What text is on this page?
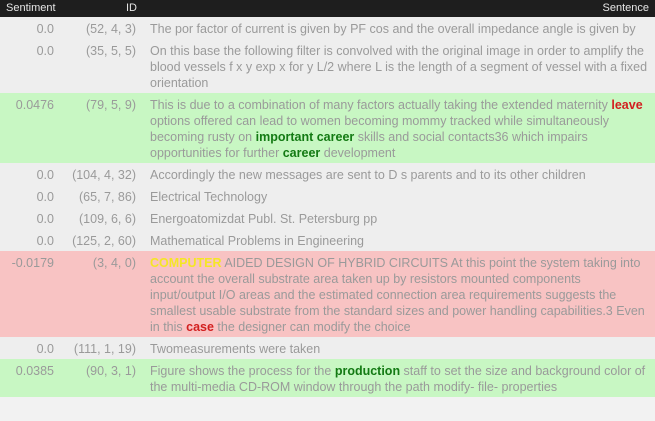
Sentiment	ID	Sentence
0.0	(52, 4, 3) The por factor of current is given by PF cos and the overall impedance angle is given by
0.0	(35, 5, 5) On this base the following filter is convolved with the original image in order to amplify the blood vessels f x y exp x for y L/2 where L is the length of a segment of vessel with a fixed orientation
0.0476	(79, 5, 9) This is due to a combination of many factors actually taking the extended maternity leave options offered can lead to women becoming mommy tracked while simultaneously becoming rusty on important career skills and social contacts36 which impairs opportunities for further career development
0.0	(104, 4, 32) Accordingly the new messages are sent to D s parents and to its other children
0.0	(65, 7, 86) Electrical Technology
0.0	(109, 6, 6) Energoatomizdat Publ. St. Petersburg pp
0.0	(125, 2, 60) Mathematical Problems in Engineering
-0.0179	(3, 4, 0) COMPUTER AIDED DESIGN OF HYBRID CIRCUITS At this point the system taking into account the overall substrate area taken up by resistors mounted components input/output I/O areas and the estimated connection area requirements suggests the smallest usable substrate from the standard sizes and power handling capabilities.3 Even in this case the designer can modify the choice
0.0	(111, 1, 19) Twomeasurements were taken
0.0385	(90, 3, 1) Figure shows the process for the production staff to set the size and background color of the multi-media CD-ROM window through the path modify- file- properties
